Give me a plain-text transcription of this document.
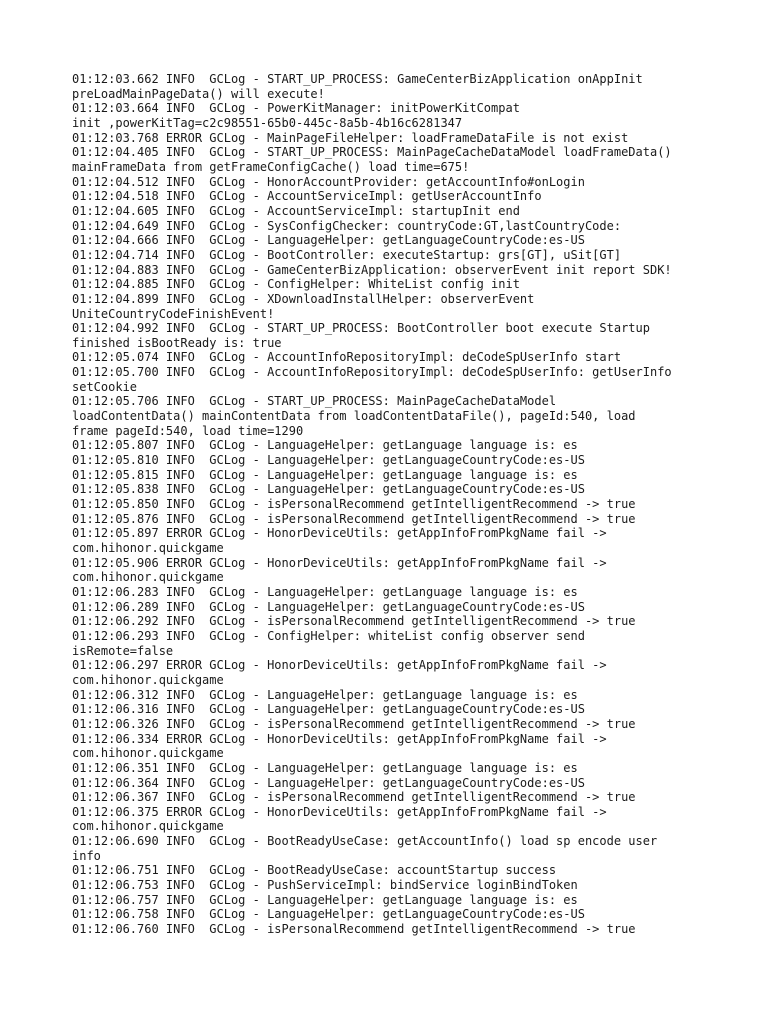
01:12:03.662 INFO  GCLog - START_UP_PROCESS: GameCenterBizApplication onAppInit
preLoadMainPageData() will execute!
01:12:03.664 INFO  GCLog - PowerKitManager: initPowerKitCompat
init ,powerKitTag=c2c98551-65b0-445c-8a5b-4b16c6281347
01:12:03.768 ERROR GCLog - MainPageFileHelper: loadFrameDataFile is not exist
01:12:04.405 INFO  GCLog - START_UP_PROCESS: MainPageCacheDataModel loadFrameData()
mainFrameData from getFrameConfigCache() load time=675!
01:12:04.512 INFO  GCLog - HonorAccountProvider: getAccountInfo#onLogin
01:12:04.518 INFO  GCLog - AccountServiceImpl: getUserAccountInfo
01:12:04.605 INFO  GCLog - AccountServiceImpl: startupInit end
01:12:04.649 INFO  GCLog - SysConfigChecker: countryCode:GT,lastCountryCode:
01:12:04.666 INFO  GCLog - LanguageHelper: getLanguageCountryCode:es-US
01:12:04.714 INFO  GCLog - BootController: executeStartup: grs[GT], uSit[GT]
01:12:04.883 INFO  GCLog - GameCenterBizApplication: observerEvent init report SDK!
01:12:04.885 INFO  GCLog - ConfigHelper: WhiteList config init
01:12:04.899 INFO  GCLog - XDownloadInstallHelper: observerEvent
UniteCountryCodeFinishEvent!
01:12:04.992 INFO  GCLog - START_UP_PROCESS: BootController boot execute Startup
finished isBootReady is: true
01:12:05.074 INFO  GCLog - AccountInfoRepositoryImpl: deCodeSpUserInfo start
01:12:05.700 INFO  GCLog - AccountInfoRepositoryImpl: deCodeSpUserInfo: getUserInfo
setCookie
01:12:05.706 INFO  GCLog - START_UP_PROCESS: MainPageCacheDataModel
loadContentData() mainContentData from loadContentDataFile(), pageId:540, load
frame pageId:540, load time=1290
01:12:05.807 INFO  GCLog - LanguageHelper: getLanguage language is: es
01:12:05.810 INFO  GCLog - LanguageHelper: getLanguageCountryCode:es-US
01:12:05.815 INFO  GCLog - LanguageHelper: getLanguage language is: es
01:12:05.838 INFO  GCLog - LanguageHelper: getLanguageCountryCode:es-US
01:12:05.850 INFO  GCLog - isPersonalRecommend getIntelligentRecommend -> true
01:12:05.876 INFO  GCLog - isPersonalRecommend getIntelligentRecommend -> true
01:12:05.897 ERROR GCLog - HonorDeviceUtils: getAppInfoFromPkgName fail ->
com.hihonor.quickgame
01:12:05.906 ERROR GCLog - HonorDeviceUtils: getAppInfoFromPkgName fail ->
com.hihonor.quickgame
01:12:06.283 INFO  GCLog - LanguageHelper: getLanguage language is: es
01:12:06.289 INFO  GCLog - LanguageHelper: getLanguageCountryCode:es-US
01:12:06.292 INFO  GCLog - isPersonalRecommend getIntelligentRecommend -> true
01:12:06.293 INFO  GCLog - ConfigHelper: whiteList config observer send
isRemote=false
01:12:06.297 ERROR GCLog - HonorDeviceUtils: getAppInfoFromPkgName fail ->
com.hihonor.quickgame
01:12:06.312 INFO  GCLog - LanguageHelper: getLanguage language is: es
01:12:06.316 INFO  GCLog - LanguageHelper: getLanguageCountryCode:es-US
01:12:06.326 INFO  GCLog - isPersonalRecommend getIntelligentRecommend -> true
01:12:06.334 ERROR GCLog - HonorDeviceUtils: getAppInfoFromPkgName fail ->
com.hihonor.quickgame
01:12:06.351 INFO  GCLog - LanguageHelper: getLanguage language is: es
01:12:06.364 INFO  GCLog - LanguageHelper: getLanguageCountryCode:es-US
01:12:06.367 INFO  GCLog - isPersonalRecommend getIntelligentRecommend -> true
01:12:06.375 ERROR GCLog - HonorDeviceUtils: getAppInfoFromPkgName fail ->
com.hihonor.quickgame
01:12:06.690 INFO  GCLog - BootReadyUseCase: getAccountInfo() load sp encode user
info
01:12:06.751 INFO  GCLog - BootReadyUseCase: accountStartup success
01:12:06.753 INFO  GCLog - PushServiceImpl: bindService loginBindToken
01:12:06.757 INFO  GCLog - LanguageHelper: getLanguage language is: es
01:12:06.758 INFO  GCLog - LanguageHelper: getLanguageCountryCode:es-US
01:12:06.760 INFO  GCLog - isPersonalRecommend getIntelligentRecommend -> true
